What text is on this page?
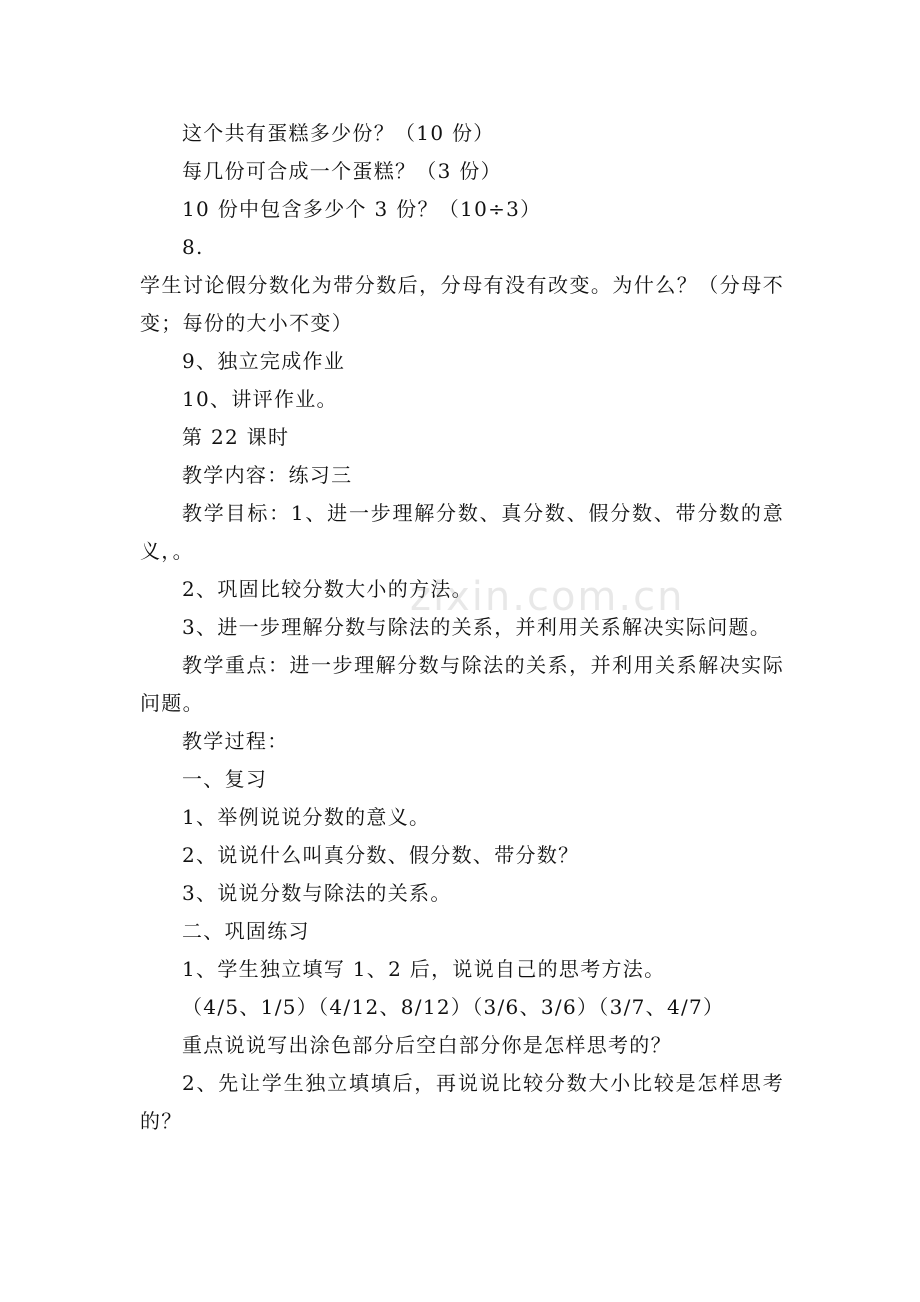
这个共有蛋糕多少份？（10 份）
每几份可合成一个蛋糕？（3 份）
10 份中包含多少个 3 份？（10÷3）
8.
学生讨论假分数化为带分数后，分母有没有改变。为什么？（分母不变；每份的大小不变）
9、独立完成作业
10、讲评作业。
第 22 课时
教学内容：练习三
教学目标：1、进一步理解分数、真分数、假分数、带分数的意义，。
2、巩固比较分数大小的方法。
3、进一步理解分数与除法的关系，并利用关系解决实际问题。
教学重点：进一步理解分数与除法的关系，并利用关系解决实际问题。
教学过程：
一、复习
1、举例说说分数的意义。
2、说说什么叫真分数、假分数、带分数？
3、说说分数与除法的关系。
二、巩固练习
1、学生独立填写 1、2 后，说说自己的思考方法。
（4/5、1/5）（4/12、8/12）（3/6、3/6）（3/7、4/7）
重点说说写出涂色部分后空白部分你是怎样思考的？
2、先让学生独立填填后，再说说比较分数大小比较是怎样思考的？
zixin.com.cn
